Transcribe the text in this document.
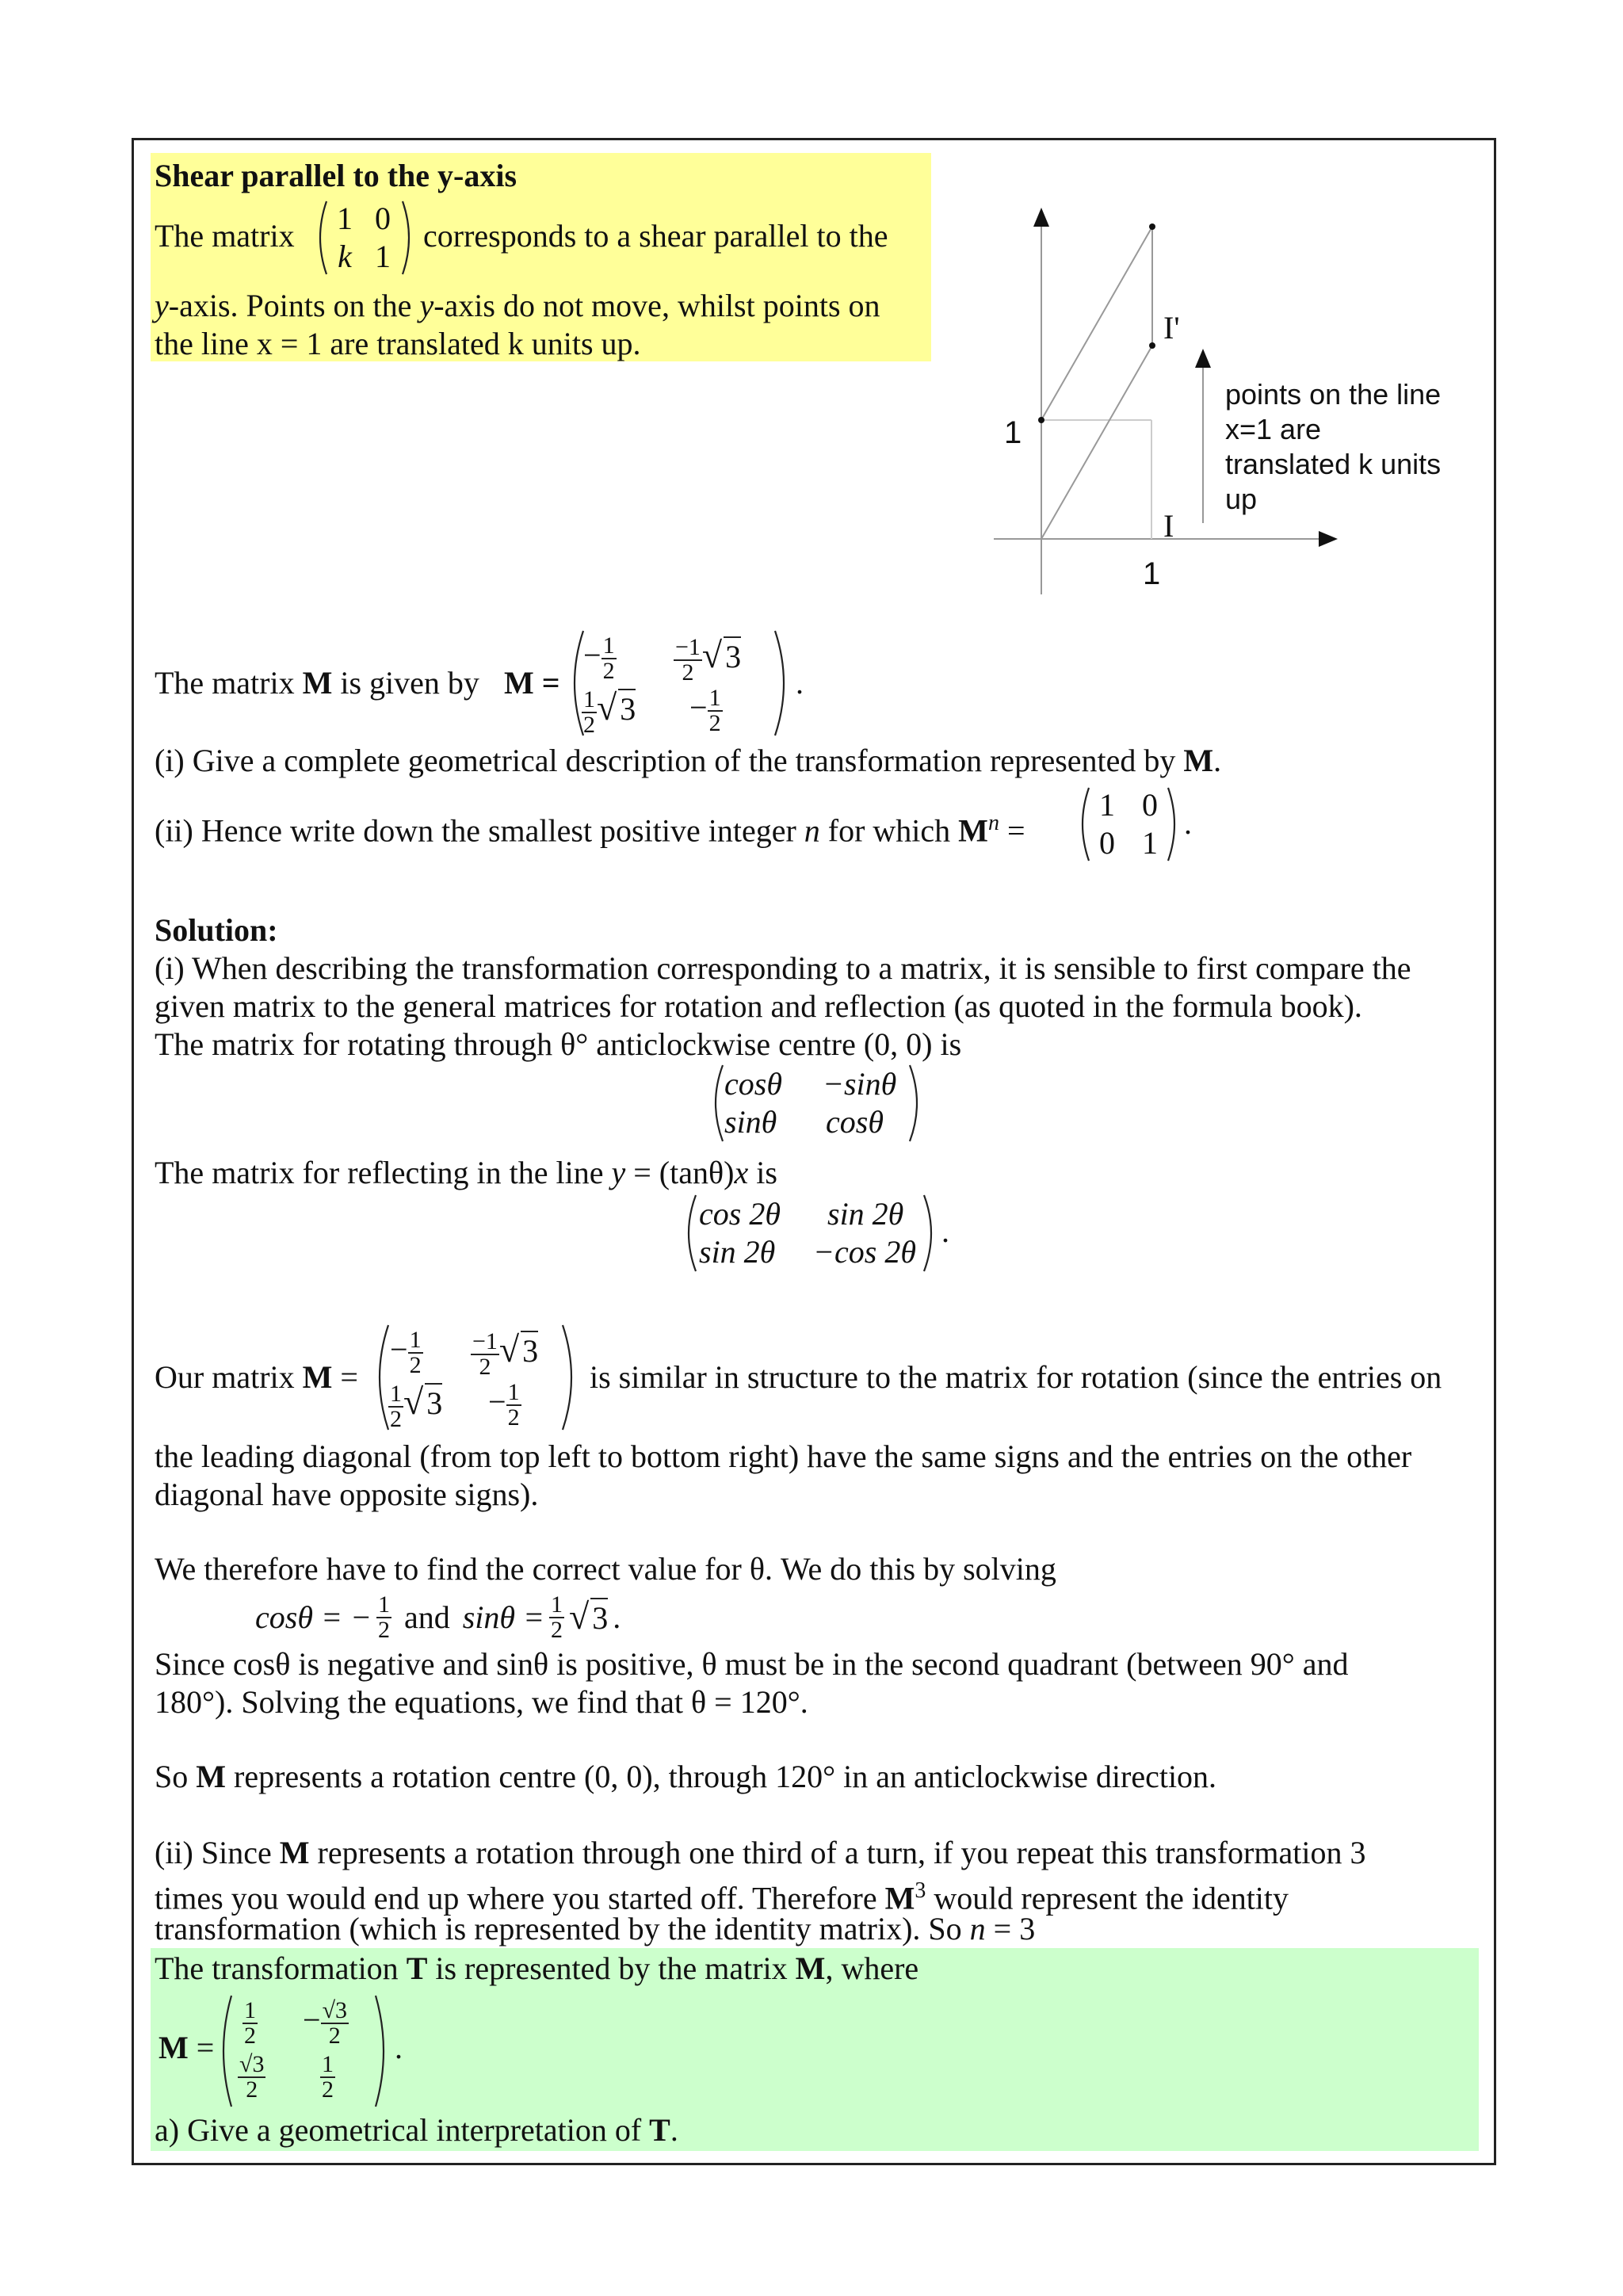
Shear parallel to the y-axis
The matrix 1 0
k 1
corresponds to a shear parallel to the
y-axis. Points on the y-axis do not move, whilst points on
the line x = 1 are translated k units up.	I'
I
1
1
points on the line
x=1 are
translated k units
up
The matrix M is given by M =
− $\frac{1}{2} \frac{-1}{2}$ √ 3
$\frac{1}{2}$ √ $3 - \frac{1}{2}$
.
(i) Give a complete geometrical description of the transformation represented by M.
(ii) Hence write down the smallest positive integer n for which $M^n$ =
1 0
0 1
.
Solution:
(i) When describing the transformation corresponding to a matrix, it is sensible to first compare the
given matrix to the general matrices for rotation and reflection (as quoted in the formula book).
The matrix for rotating through θ° anticlockwise centre (0, 0) is
cosθ −sinθ
sinθ cosθ
The matrix for reflecting in the line y = (tanθ)x is
cos 2θ sin 2θ
sin 2θ −cos 2θ
.
Our matrix M =
− $\frac{1}{2} \frac{-1}{2}$ √ 3
$\frac{1}{2}$ √ $3 - \frac{1}{2}$
is similar in structure to the matrix for rotation (since the entries on
the leading diagonal (from top left to bottom right) have the same signs and the entries on the other
diagonal have opposite signs).
We therefore have to find the correct value for θ. We do this by solving
cosθ = − $\frac{1}{2}$ and $\sin\theta = \frac{1}{2}$ √ 3 .
Since cosθ is negative and sinθ is positive, θ must be in the second quadrant (between 90° and
180°). Solving the equations, we find that θ = 120°.
So M represents a rotation centre (0, 0), through 120° in an anticlockwise direction.
(ii) Since M represents a rotation through one third of a turn, if you repeat this transformation 3
times you would end up where you started off. Therefore $M^3$ would represent the identity
transformation (which is represented by the identity matrix). So n = 3
The transformation T is represented by the matrix M, where
$M = \frac{1}{2} - \frac{√3}{2}$
$\frac{√3}{2} \frac{1}{2}$
.
a) Give a geometrical interpretation of T.
